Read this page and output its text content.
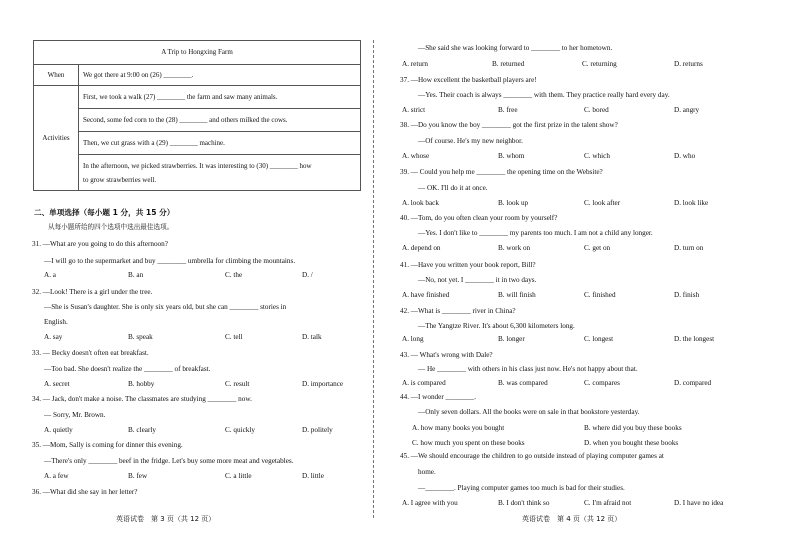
A Trip to Hongxing Farm	
When	We got there at 9:00 on (26) ________.
Activities	First, we took a walk (27) ________ the farm and saw many animals.
	Second, some fed corn to the (28) ________ and others milked the cows.
	Then, we cut grass with a (29) ________ machine.
	In the afternoon, we picked strawberries. It was interesting to (30) ________ how
to grow strawberries well.
二、单项选择（每小题 1 分，共 15 分）
从每小题所给的四个选项中选出最佳选项。
31. —What are you going to do this afternoon?
—I will go to the supermarket and buy ________ umbrella for climbing the mountains.
A. a	B. an	C. the	D. /
32. —Look! There is a girl under the tree.
—She is Susan's daughter. She is only six years old, but she can ________ stories in
English.
A. say	B. speak	C. tell	D. talk
33. — Becky doesn't often eat breakfast.
—Too bad. She doesn't realize the ________ of breakfast.
A. secret	B. hobby	C. result	D. importance
34. — Jack, don't make a noise. The classmates are studying ________ now.
— Sorry, Mr. Brown.
A. quietly	B. clearly	C. quickly	D. politely
35. —Mom, Sally is coming for dinner this evening.
—There's only ________ beef in the fridge. Let's buy some more meat and vegetables.
A. a few	B. few	C. a little	D. little
36. —What did she say in her letter?
英语试卷　第 3 页（共 12 页）
—She said she was looking forward to ________ to her hometown.
A. return	B. returned	C. returning	D. returns
37. —How excellent the basketball players are!
—Yes. Their coach is always ________ with them. They practice really hard every day.
A. strict	B. free	C. bored	D. angry
38. —Do you know the boy ________ got the first prize in the talent show?
—Of course. He's my new neighbor.
A. whose	B. whom	C. which	D. who
39. — Could you help me ________ the opening time on the Website?
— OK. I'll do it at once.
A. look back	B. look up	C. look after	D. look like
40. —Tom, do you often clean your room by yourself?
—Yes. I don't like to ________ my parents too much. I am not a child any longer.
A. depend on	B. work on	C. get on	D. turn on
41. —Have you written your book report, Bill?
—No, not yet. I ________ it in two days.
A. have finished	B. will finish	C. finished	D. finish
42. —What is ________ river in China?
—The Yangtze River. It's about 6,300 kilometers long.
A. long	B. longer	C. longest	D. the longest
43. — What's wrong with Dale?
— He ________ with others in his class just now. He's not happy about that.
A. is compared	B. was compared	C. compares	D. compared
44. —I wonder ________.
—Only seven dollars. All the books were on sale in that bookstore yesterday.
A. how many books you bought	B. where did you buy these books
C. how much you spent on these books	D. when you bought these books
45. —We should encourage the children to go outside instead of playing computer games at
home.
—________. Playing computer games too much is bad for their studies.
A. I agree with you	B. I don't think so	C. I'm afraid not	D. I have no idea
英语试卷　第 4 页（共 12 页）
